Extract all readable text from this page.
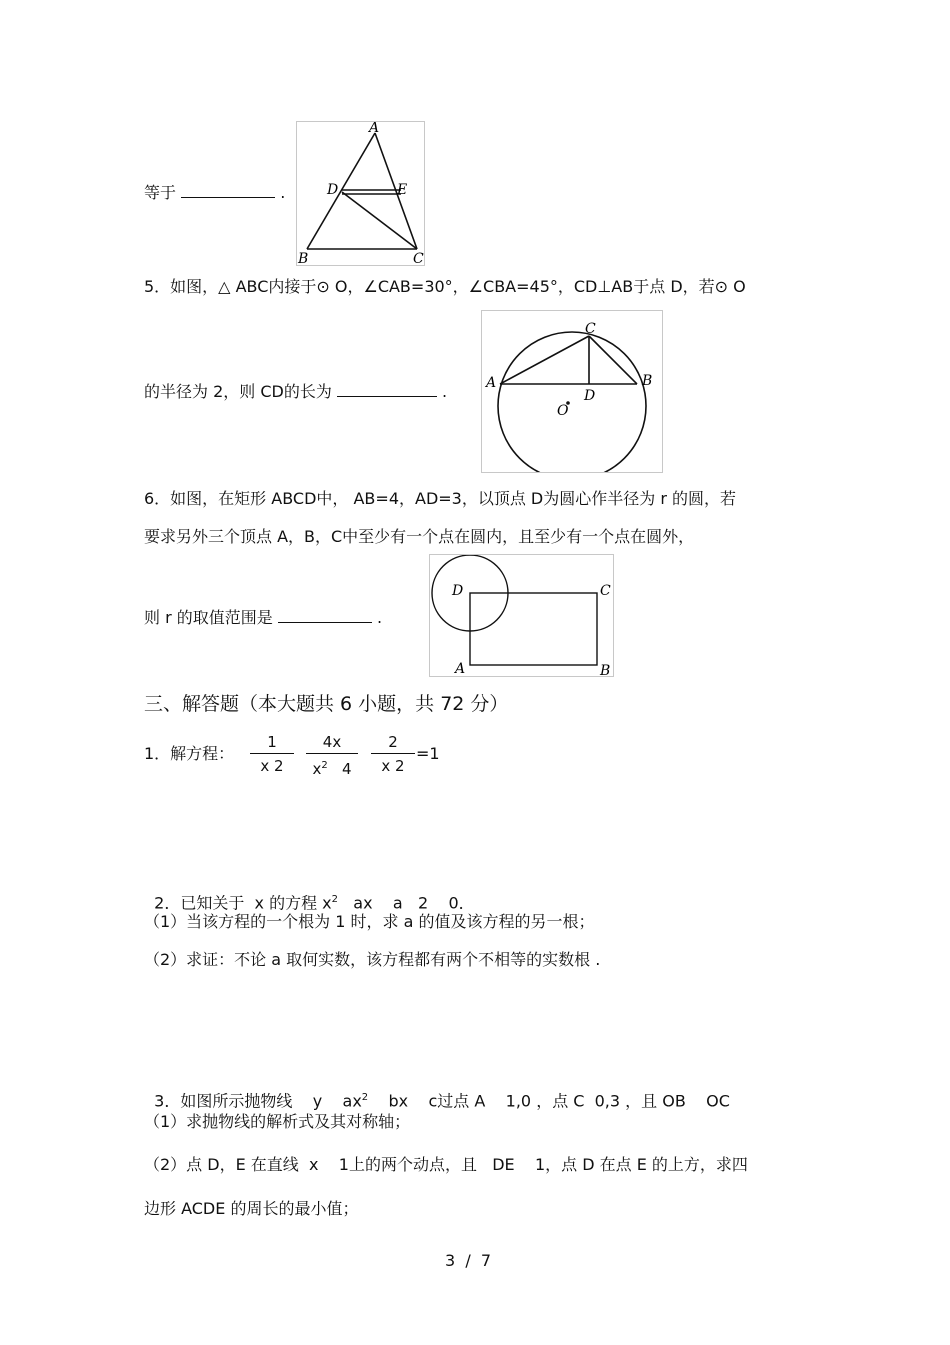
等于	.
A
D	E
B	C
5．如图，△ ABC内接于⊙ O，∠CAB=30°，∠CBA=45°，CD⊥AB于点 D，若⊙ O
的半径为 2，则 CD的长为	.
C
A	B
D
O
6．如图，在矩形 ABCD中， AB=4，AD=3，以顶点 D为圆心作半径为 r 的圆，若
要求另外三个顶点 A，B，C中至少有一个点在圆内，且至少有一个点在圆外，
则 r 的取值范围是	.
D	C
A	B
三、解答题（本大题共 6 小题，共 72 分）
1．解方程：
1
x 2
4x
$x^2$   4
2
x 2
=1

2．已知关于  x 的方程 $x^2$   ax    a   2    0．

（1）当该方程的一个根为 1 时，求 a 的值及该方程的另一根；
（2）求证：不论 a 取何实数，该方程都有两个不相等的实数根 .

3．如图所示抛物线    y    $ax^2$    bx    c过点 A    1,0 ，点 C  0,3 ，且 OB    OC

（1）求抛物线的解析式及其对称轴；
（2）点 D，E 在直线  x    1上的两个动点，且   DE    1，点 D 在点 E 的上方，求四
边形 ACDE 的周长的最小值；
3  /  7
